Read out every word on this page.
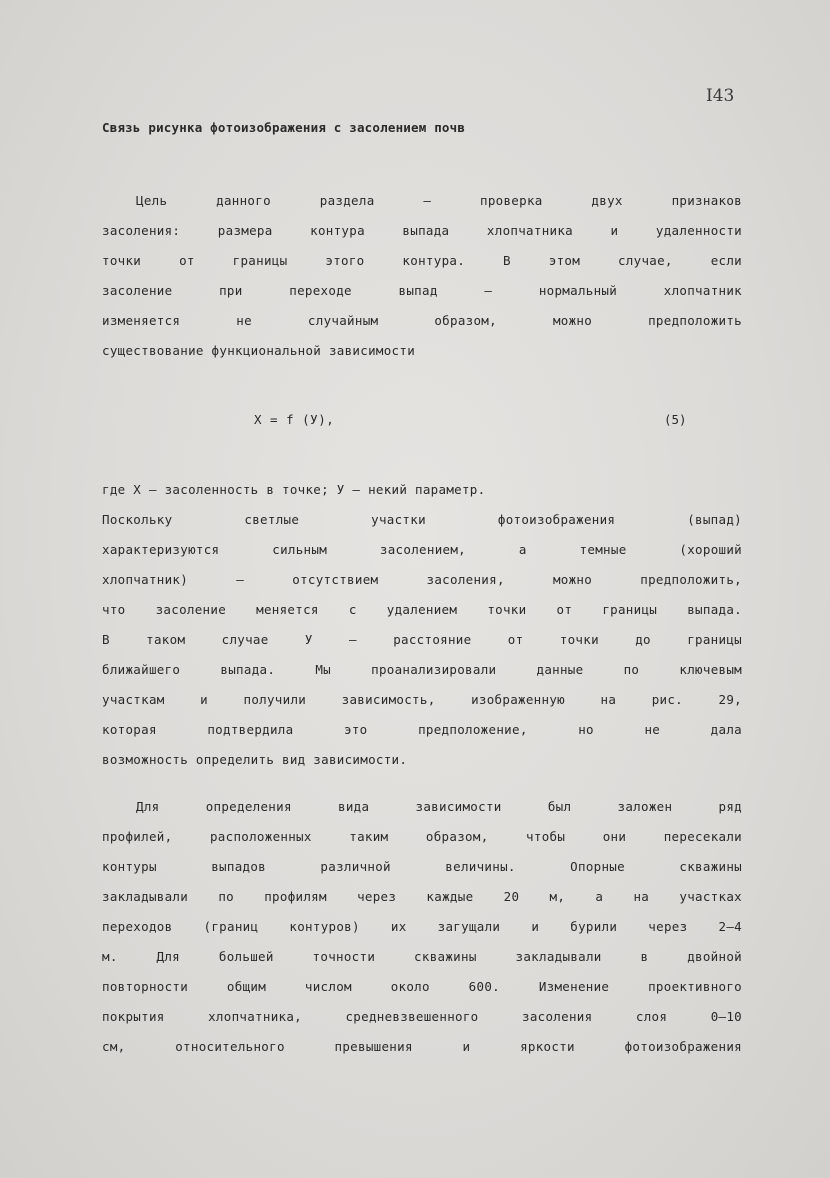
I43
Связь рисунка фотоизображения с засолением почв
Цель данного раздела – проверка двух признаков
засоления: размера контура выпада хлопчатника и удаленности
точки от границы этого контура. В этом случае, если
засоление при переходе выпад – нормальный хлопчатник
изменяется не случайным образом, можно предположить
существование функциональной зависимости
X = f (У),	(5)
где X – засоленность в точке; У – некий параметр.
Поскольку светлые участки фотоизображения (выпад)
характеризуются сильным засолением, а темные (хороший
хлопчатник) – отсутствием засоления, можно предположить,
что засоление меняется с удалением точки от границы выпада.
В таком случае У – расстояние от точки до границы
ближайшего выпада. Мы проанализировали данные по ключевым
участкам и получили зависимость, изображенную на рис. 29,
которая подтвердила это предположение, но не дала
возможность определить вид зависимости.
Для определения вида зависимости был заложен ряд
профилей, расположенных таким образом, чтобы они пересекали
контуры выпадов различной величины. Опорные скважины
закладывали по профилям через каждые 20 м, а на участках
переходов (границ контуров) их загущали и бурили через 2–4
м. Для большей точности скважины закладывали в двойной
повторности общим числом около 600. Изменение проективного
покрытия хлопчатника, средневзвешенного засоления слоя 0–10
см, относительного превышения и яркости фотоизображения
